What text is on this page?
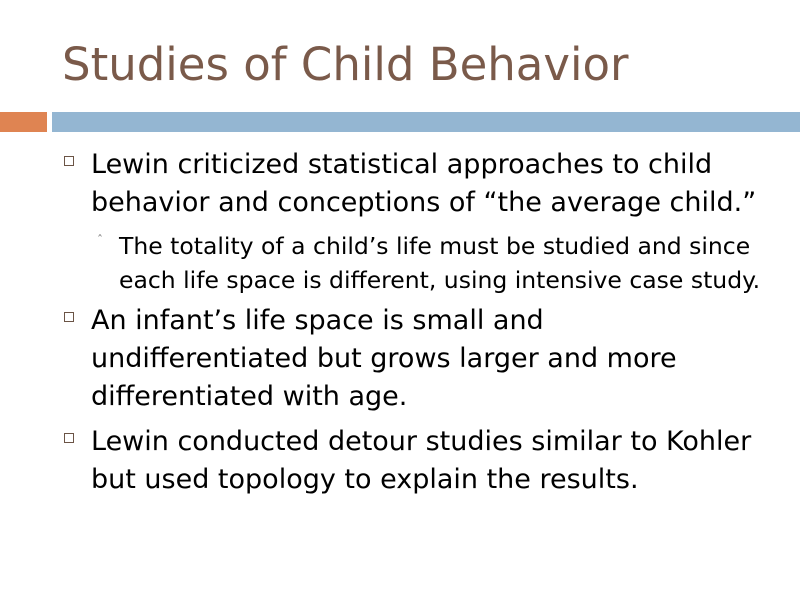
Studies of Child Behavior
Lewin criticized statistical approaches to child behavior and conceptions of “the average child.”
ˆ The totality of a child’s life must be studied and since each life space is different, using intensive case study.
An infant’s life space is small and undifferentiated but grows larger and more differentiated with age.
Lewin conducted detour studies similar to Kohler but used topology to explain the results.
